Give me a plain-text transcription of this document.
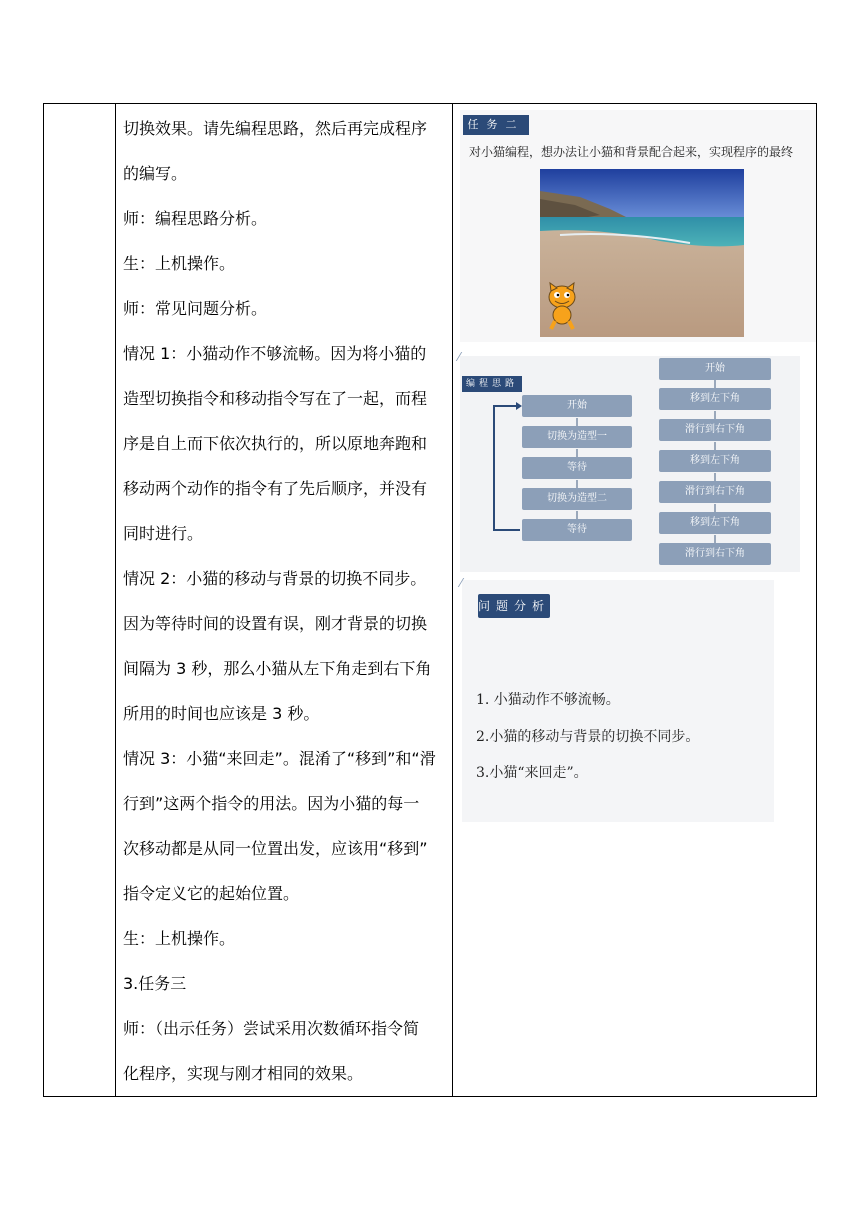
切换效果。请先编程思路，然后再完成程序
的编写。
师：编程思路分析。
生：上机操作。
师：常见问题分析。
情况 1：小猫动作不够流畅。因为将小猫的
造型切换指令和移动指令写在了一起，而程
序是自上而下依次执行的，所以原地奔跑和
移动两个动作的指令有了先后顺序，并没有
同时进行。
情况 2：小猫的移动与背景的切换不同步。
因为等待时间的设置有误，刚才背景的切换
间隔为 3 秒，那么小猫从左下角走到右下角
所用的时间也应该是 3 秒。
情况 3：小猫“来回走”。混淆了“移到”和“滑
行到”这两个指令的用法。因为小猫的每一
次移动都是从同一位置出发，应该用“移到”
指令定义它的起始位置。
生：上机操作。
3.任务三
师：（出示任务）尝试采用次数循环指令简
化程序，实现与刚才相同的效果。
任务二
对小猫编程，想办法让小猫和背景配合起来，实现程序的最终
⁄
编程思路
开始
切换为造型一
等待
切换为造型二
等待
开始
移到左下角
滑行到右下角
移到左下角
滑行到右下角
移到左下角
滑行到右下角
⁄
问题分析
1. 小猫动作不够流畅。
2.小猫的移动与背景的切换不同步。
3.小猫“来回走”。
